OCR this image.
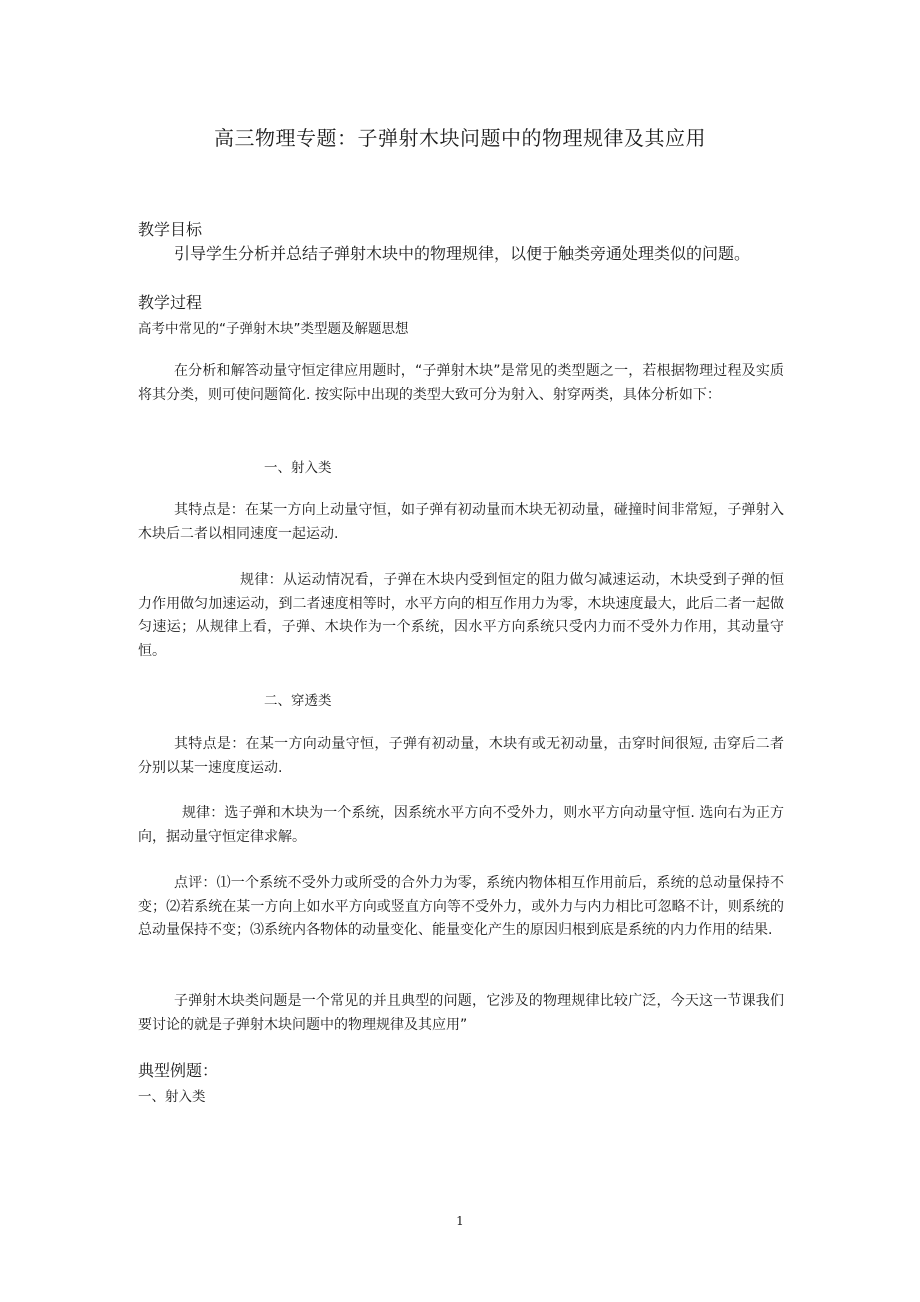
高三物理专题：子弹射木块问题中的物理规律及其应用
教学目标
引导学生分析并总结子弹射木块中的物理规律，以便于触类旁通处理类似的问题。
教学过程
高考中常见的“子弹射木块”类型题及解题思想
在分析和解答动量守恒定律应用题时，“子弹射木块”是常见的类型题之一，若根据物理过程及实质将其分类，则可使问题简化. 按实际中出现的类型大致可分为射入、射穿两类，具体分析如下：
一、射入类
其特点是：在某一方向上动量守恒，如子弹有初动量而木块无初动量，碰撞时间非常短，子弹射入木块后二者以相同速度一起运动.
规律：从运动情况看，子弹在木块内受到恒定的阻力做匀减速运动，木块受到子弹的恒力作用做匀加速运动，到二者速度相等时，水平方向的相互作用力为零，木块速度最大，此后二者一起做匀速运；从规律上看，子弹、木块作为一个系统，因水平方向系统只受内力而不受外力作用，其动量守恒。
二、穿透类
其特点是：在某一方向动量守恒，子弹有初动量，木块有或无初动量，击穿时间很短, 击穿后二者分别以某一速度度运动.
规律：选子弹和木块为一个系统，因系统水平方向不受外力，则水平方向动量守恒. 选向右为正方向，据动量守恒定律求解。
点评：⑴一个系统不受外力或所受的合外力为零，系统内物体相互作用前后，系统的总动量保持不变；⑵若系统在某一方向上如水平方向或竖直方向等不受外力，或外力与内力相比可忽略不计，则系统的总动量保持不变；⑶系统内各物体的动量变化、能量变化产生的原因归根到底是系统的内力作用的结果.
子弹射木块类问题是一个常见的并且典型的问题，它涉及的物理规律比较广泛，今天这一节课我们要讨论的就是子弹射木块问题中的物理规律及其应用”
典型例题：
一、射入类
1
